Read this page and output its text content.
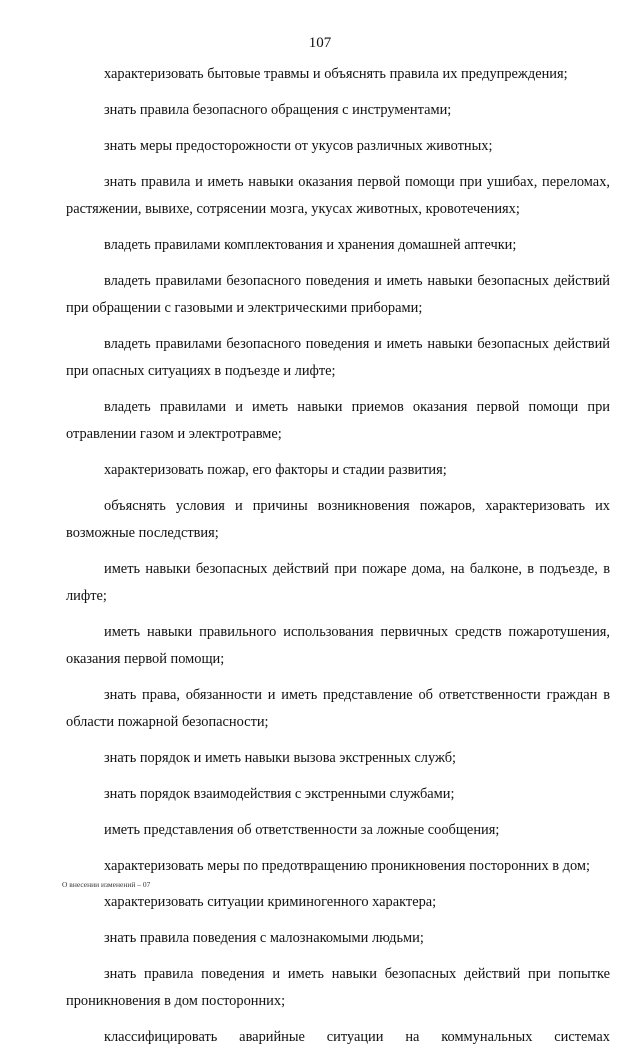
107

характеризовать бытовые травмы и объяснять правила их предупреждения;

знать правила безопасного обращения с инструментами;

знать меры предосторожности от укусов различных животных;

знать правила и иметь навыки оказания первой помощи при ушибах, переломах, растяжении, вывихе, сотрясении мозга, укусах животных, кровотечениях;

владеть правилами комплектования и хранения домашней аптечки;

владеть правилами безопасного поведения и иметь навыки безопасных действий при обращении с газовыми и электрическими приборами;

владеть правилами безопасного поведения и иметь навыки безопасных действий при опасных ситуациях в подъезде и лифте;

владеть правилами и иметь навыки приемов оказания первой помощи при отравлении газом и электротравме;

характеризовать пожар, его факторы и стадии развития;

объяснять условия и причины возникновения пожаров, характеризовать их возможные последствия;

иметь навыки безопасных действий при пожаре дома, на балконе, в подъезде, в лифте;

иметь навыки правильного использования первичных средств пожаротушения, оказания первой помощи;

знать права, обязанности и иметь представление об ответственности граждан в области пожарной безопасности;

знать порядок и иметь навыки вызова экстренных служб;

знать порядок взаимодействия с экстренными службами;

иметь представления об ответственности за ложные сообщения;

характеризовать меры по предотвращению проникновения посторонних в дом;

характеризовать ситуации криминогенного характера;

знать правила поведения с малознакомыми людьми;

знать правила поведения и иметь навыки безопасных действий при попытке проникновения в дом посторонних;

классифицировать аварийные ситуации на коммунальных системах

О внесении изменений – 07
